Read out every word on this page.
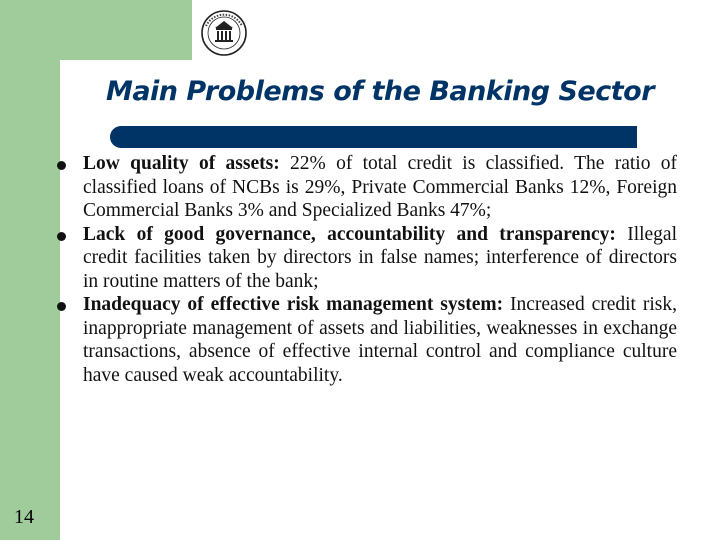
Main Problems of the Banking Sector
Low quality of assets: 22% of total credit is classified. The ratio of classified loans of NCBs is 29%, Private Commercial Banks 12%, Foreign Commercial Banks 3% and Specialized Banks 47%;
Lack of good governance, accountability and transparency: Illegal credit facilities taken by directors in false names; interference of directors in routine matters of the bank;
Inadequacy of effective risk management system: Increased credit risk, inappropriate management of assets and liabilities, weaknesses in exchange transactions, absence of effective internal control and compliance culture have caused weak accountability.
14
